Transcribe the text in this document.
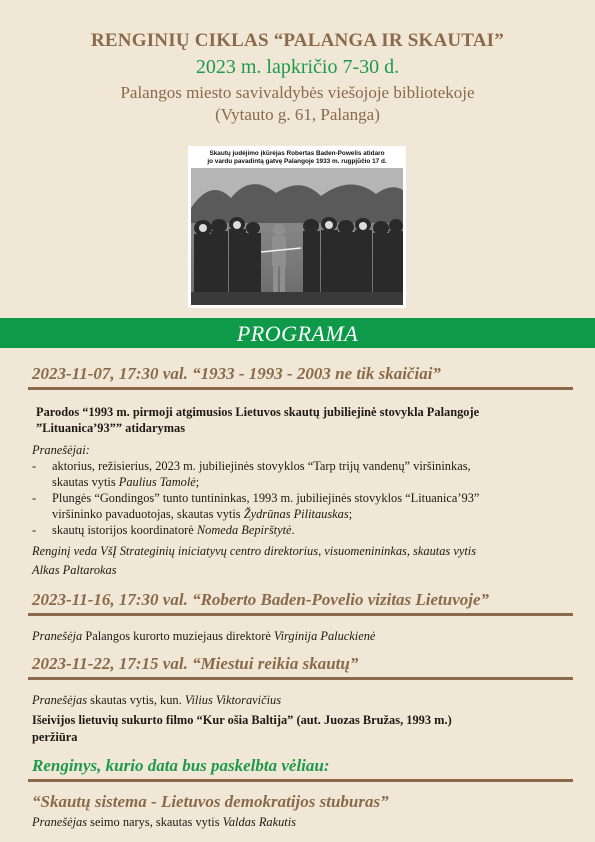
RENGINIŲ CIKLAS “PALANGA IR SKAUTAI”
2023 m. lapkričio 7-30 d.
Palangos miesto savivaldybės viešojoje bibliotekoje
(Vytauto g. 61, Palanga)
Skautų judėjimo įkūrėjas Robertas Baden-Powelis atidaro
jo vardu pavadintą gatvę Palangoje 1933 m. rugpjūčio 17 d.
PROGRAMA
2023-11-07, 17:30 val. “1933 - 1993 - 2003 ne tik skaičiai”
Parodos “1993 m. pirmoji atgimusios Lietuvos skautų jubiliejinė stovykla Palangoje
”Lituanica’93”” atidarymas
Pranešėjai:
- aktorius, režisierius, 2023 m. jubiliejinės stovyklos “Tarp trijų vandenų” viršininkas,
skautas vytis Paulius Tamolė;
- Plungės “Gondingos” tunto tuntininkas, 1993 m. jubiliejinės stovyklos “Lituanica’93”
viršininko pavaduotojas, skautas vytis Žydrūnas Pilitauskas;
- skautų istorijos koordinatorė Nomeda Bepirštytė.
Renginį veda VšĮ Strateginių iniciatyvų centro direktorius, visuomenininkas, skautas vytis
Alkas Paltarokas
2023-11-16, 17:30 val. “Roberto Baden-Povelio vizitas Lietuvoje”
Pranešėja Palangos kurorto muziejaus direktorė Virginija Paluckienė
2023-11-22, 17:15 val. “Miestui reikia skautų”
Pranešėjas skautas vytis, kun. Vilius Viktoravičius
Išeivijos lietuvių sukurto filmo “Kur ošia Baltija” (aut. Juozas Bružas, 1993 m.)
peržiūra
Renginys, kurio data bus paskelbta vėliau:
“Skautų sistema - Lietuvos demokratijos stuburas”
Pranešėjas seimo narys, skautas vytis Valdas Rakutis
